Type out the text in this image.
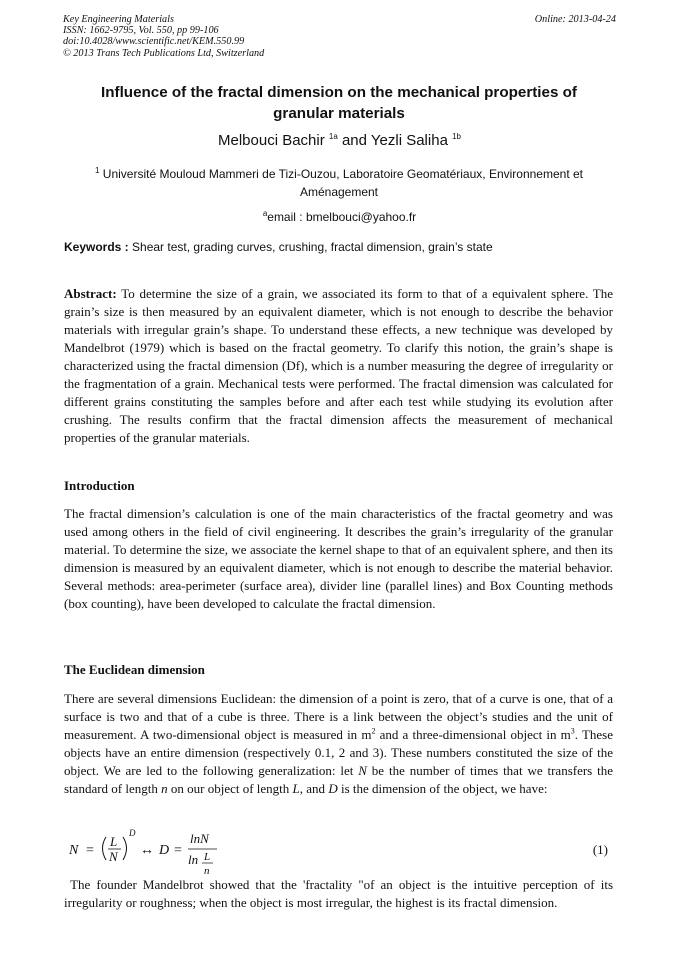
Key Engineering Materials
ISSN: 1662-9795, Vol. 550, pp 99-106
doi:10.4028/www.scientific.net/KEM.550.99
© 2013 Trans Tech Publications Ltd, Switzerland
Online: 2013-04-24
Influence of the fractal dimension on the mechanical properties of granular materials
Melbouci Bachir $^{1a}$ and Yezli Saliha $^{1b}$
$^1$ Université Mouloud Mammeri de Tizi-Ouzou, Laboratoire Geomatériaux, Environnement et Aménagement
$^a$email : bmelbouci@yahoo.fr
Keywords : Shear test, grading curves, crushing, fractal dimension, grain’s state
Abstract: To determine the size of a grain, we associated its form to that of a equivalent sphere. The grain’s size is then measured by an equivalent diameter, which is not enough to describe the behavior materials with irregular grain’s shape. To understand these effects, a new technique was developed by Mandelbrot (1979) which is based on the fractal geometry. To clarify this notion, the grain’s shape is characterized using the fractal dimension (Df), which is a number measuring the degree of irregularity or the fragmentation of a grain. Mechanical tests were performed. The fractal dimension was calculated for different grains constituting the samples before and after each test while studying its evolution after crushing. The results confirm that the fractal dimension affects the measurement of mechanical properties of the granular materials.
Introduction
The fractal dimension’s calculation is one of the main characteristics of the fractal geometry and was used among others in the field of civil engineering. It describes the grain’s irregularity of the granular material. To determine the size, we associate the kernel shape to that of an equivalent sphere, and then its dimension is measured by an equivalent diameter, which is not enough to describe the material behavior. Several methods: area-perimeter (surface area), divider line (parallel lines) and Box Counting methods (box counting), have been developed to calculate the fractal dimension.
The Euclidean dimension
There are several dimensions Euclidean: the dimension of a point is zero, that of a curve is one, that of a surface is two and that of a cube is three. There is a link between the object’s studies and the unit of measurement. A two-dimensional object is measured in $m^2$ and a three-dimensional object in $m^3$. These objects have an entire dimension (respectively 0.1, 2 and 3). These numbers constituted the size of the object. We are led to the following generalization: let N be the number of times that we transfers the standard of length n on our object of length L, and D is the dimension of the object, we have:
N =
L
N
D
↔ D =
lnN
ln L
n
(1)
The founder Mandelbrot showed that the 'fractality "of an object is the intuitive perception of its irregularity or roughness; when the object is most irregular, the highest is its fractal dimension.
